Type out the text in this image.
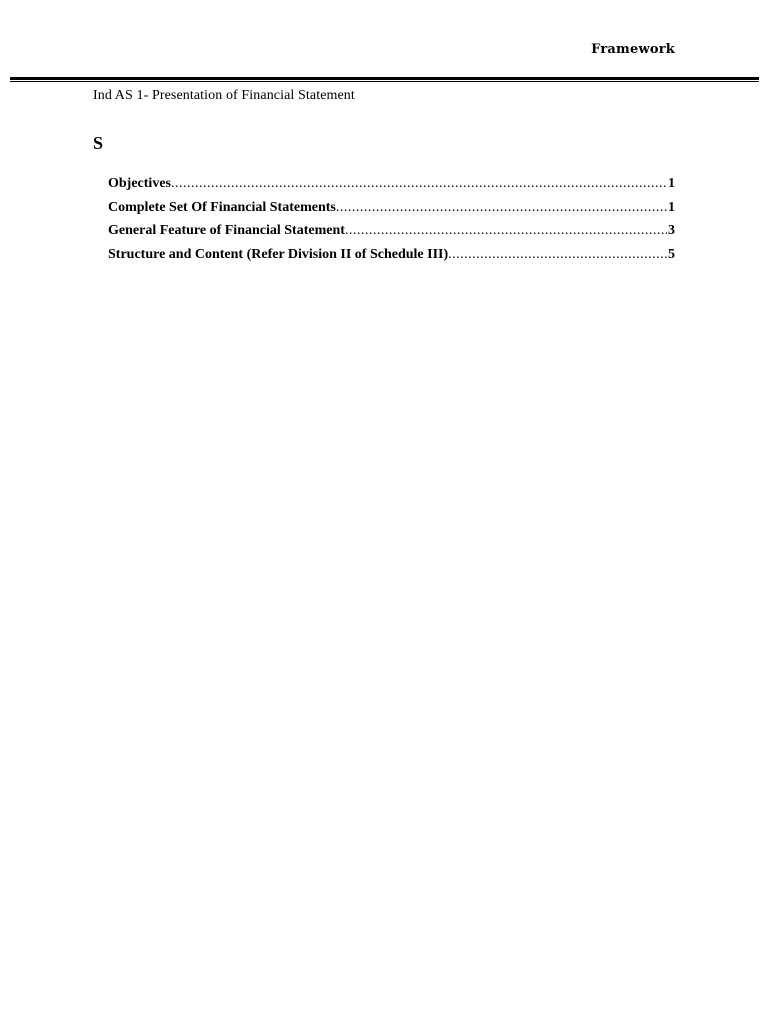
Framework
Ind AS 1- Presentation of Financial Statement
S
Objectives .....	1
Complete Set Of Financial Statements .....	1
General Feature of Financial Statement .....	3
Structure and Content (Refer Division II of Schedule III) .....	5
